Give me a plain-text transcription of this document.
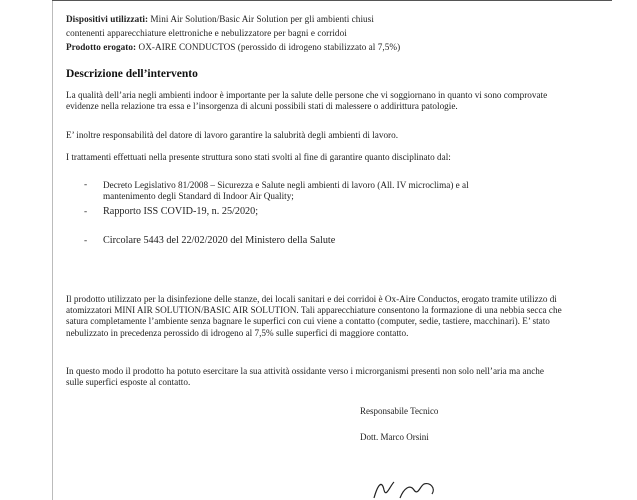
Dispositivi utilizzati: Mini Air Solution/Basic Air Solution per gli ambienti chiusi
contenenti apparecchiature elettroniche e nebulizzatore per bagni e corridoi
Prodotto erogato: OX-AIRE CONDUCTOS (perossido di idrogeno stabilizzato al 7,5%)
Descrizione dell’intervento
La qualità dell’aria negli ambienti indoor è importante per la salute delle persone che vi soggiornano in quanto vi sono comprovate evidenze nella relazione tra essa e l’insorgenza di alcuni possibili stati di malessere o addirittura patologie.
E’ inoltre responsabilità del datore di lavoro garantire la salubrità degli ambienti di lavoro.
I trattamenti effettuati nella presente struttura sono stati svolti al fine di garantire quanto disciplinato dal:
- Decreto Legislativo 81/2008 – Sicurezza e Salute negli ambienti di lavoro (All. IV microclima) e al
mantenimento degli Standard di Indoor Air Quality;
- Rapporto ISS COVID-19, n. 25/2020;
- Circolare 5443 del 22/02/2020 del Ministero della Salute
Il prodotto utilizzato per la disinfezione delle stanze, dei locali sanitari e dei corridoi è Ox-Aire Conductos, erogato tramite utilizzo di atomizzatori MINI AIR SOLUTION/BASIC AIR SOLUTION. Tali apparecchiature consentono la formazione di una nebbia secca che satura completamente l’ambiente senza bagnare le superfici con cui viene a contatto (computer, sedie, tastiere, macchinari). E’ stato nebulizzato in precedenza perossido di idrogeno al 7,5% sulle superfici di maggiore contatto.
In questo modo il prodotto ha potuto esercitare la sua attività ossidante verso i microrganismi presenti non solo nell’aria ma anche sulle superfici esposte al contatto.
Responsabile Tecnico
Dott. Marco Orsini
